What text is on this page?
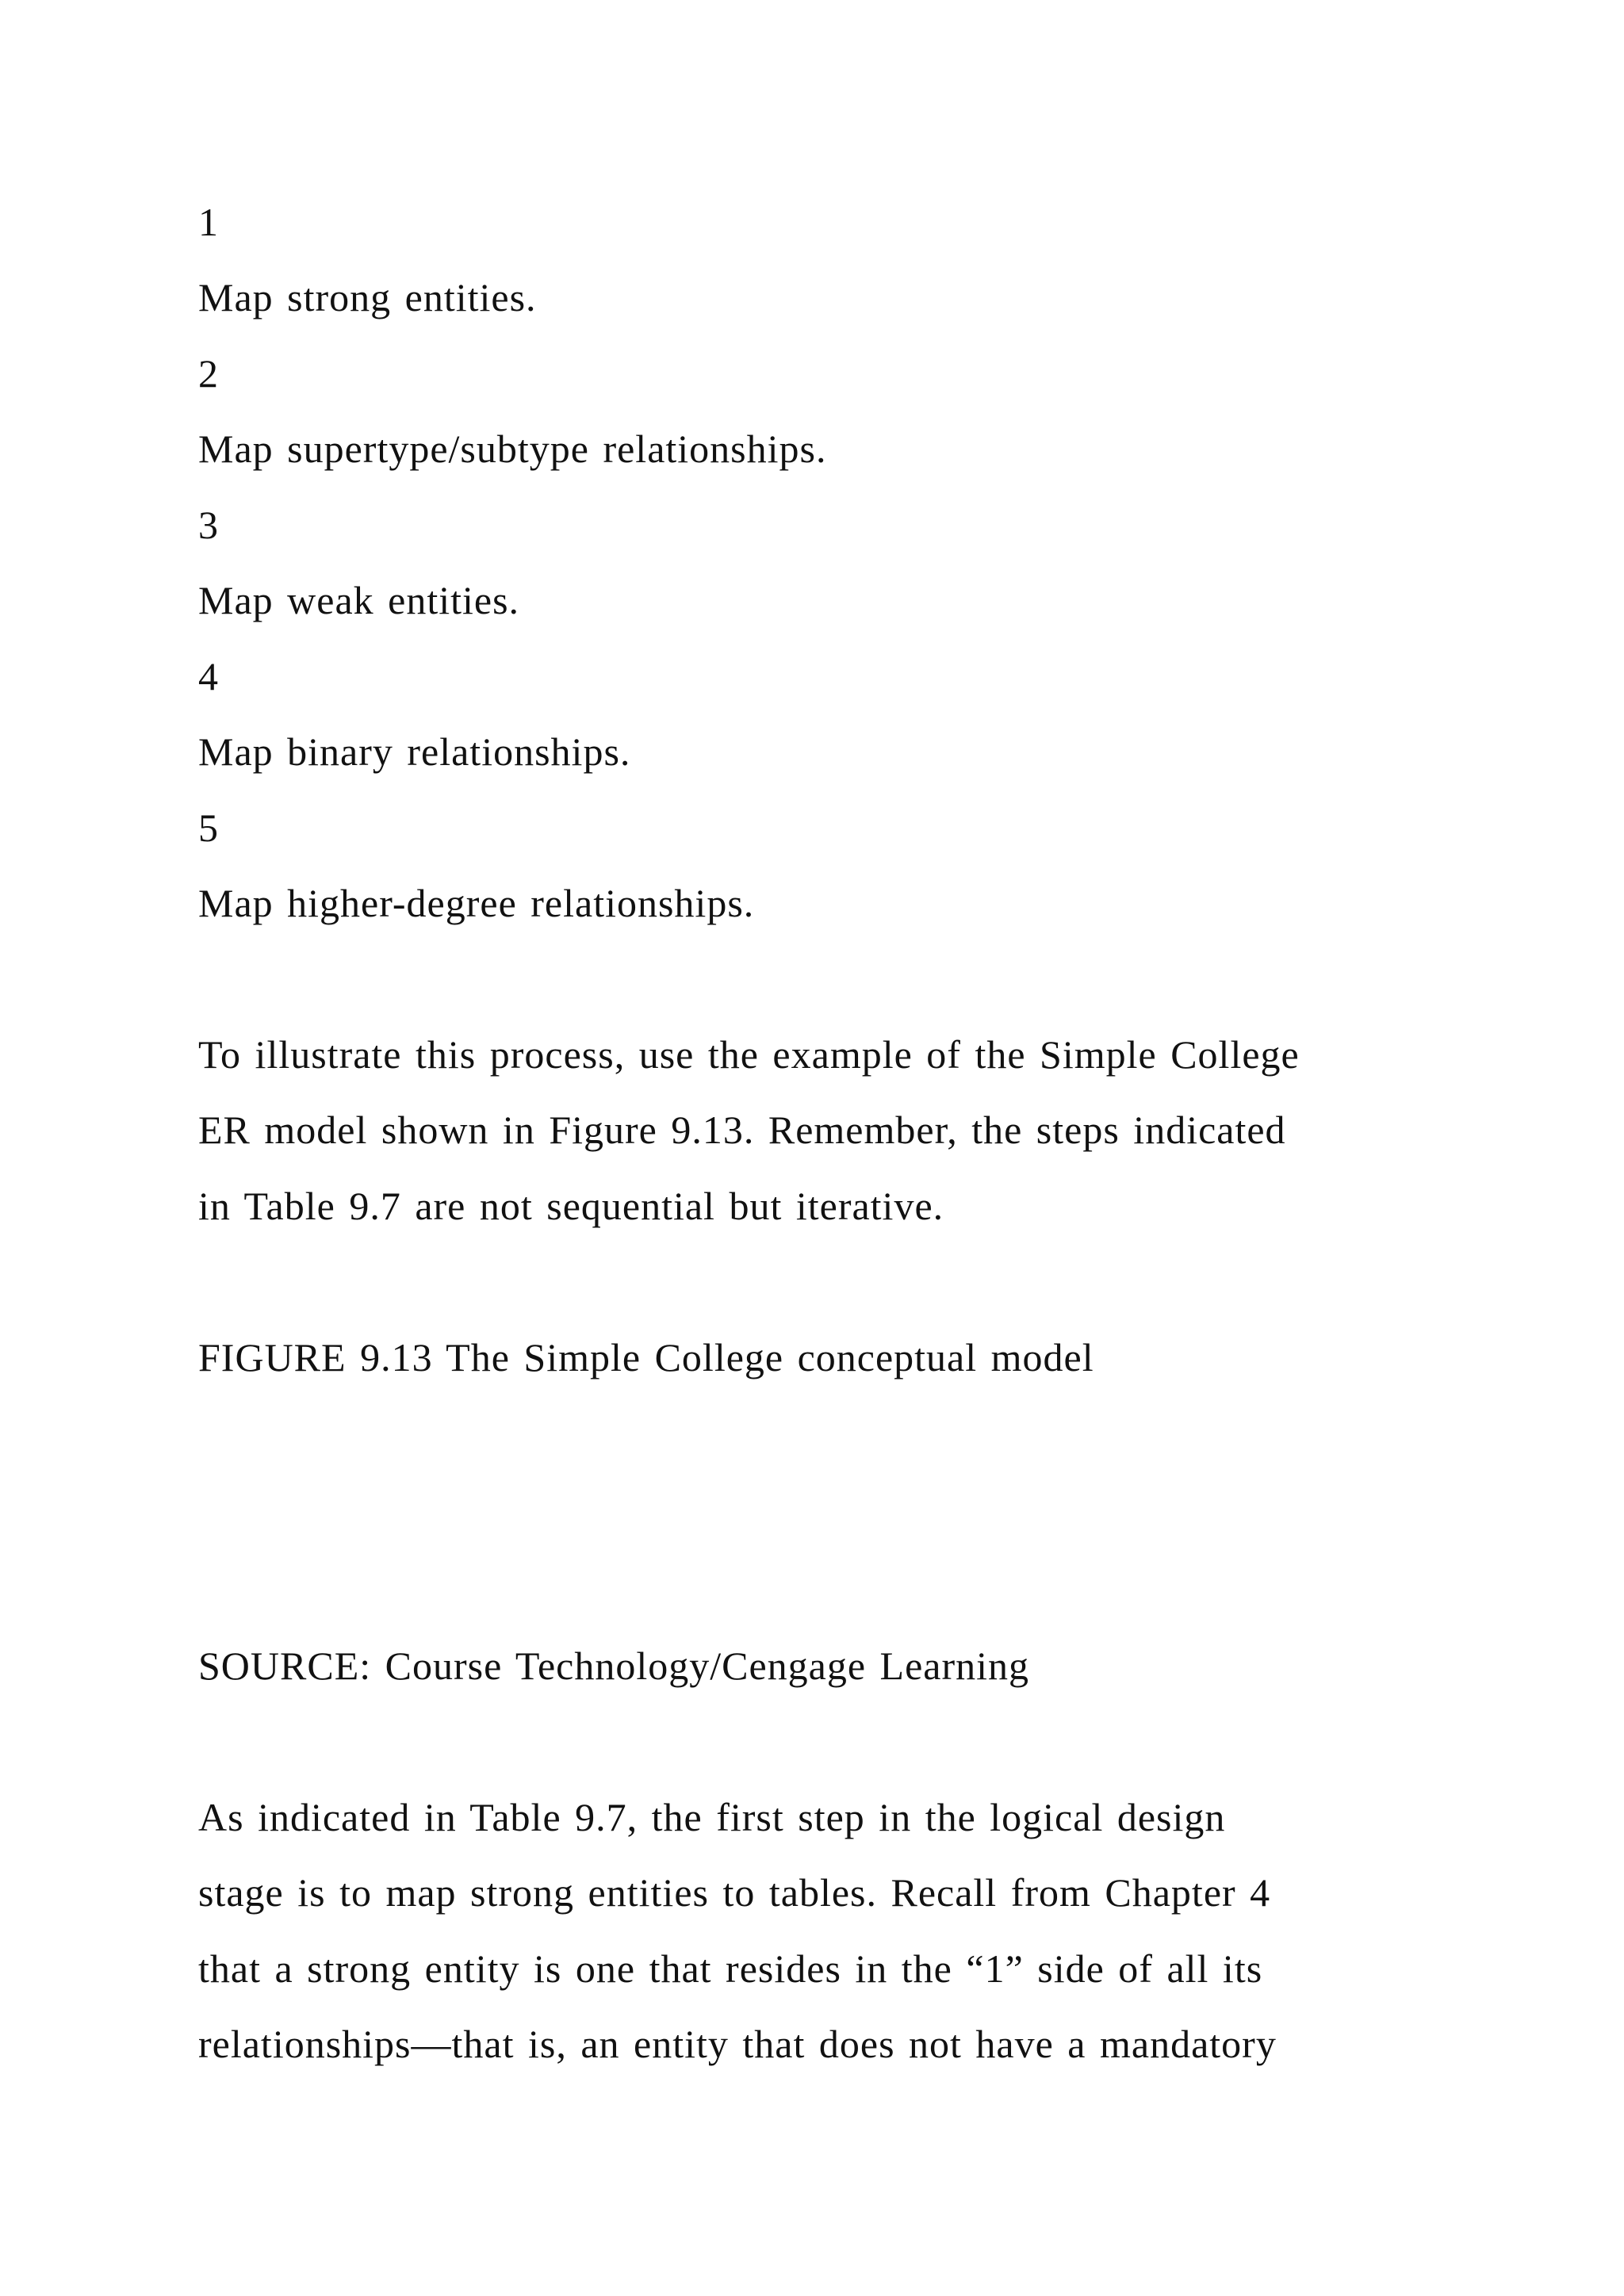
1
Map strong entities.
2
Map supertype/subtype relationships.
3
Map weak entities.
4
Map binary relationships.
5
Map higher-degree relationships.
To illustrate this process, use the example of the Simple College
ER model shown in Figure 9.13. Remember, the steps indicated
in Table 9.7 are not sequential but iterative.
FIGURE 9.13 The Simple College conceptual model
SOURCE: Course Technology/Cengage Learning
As indicated in Table 9.7, the first step in the logical design
stage is to map strong entities to tables. Recall from Chapter 4
that a strong entity is one that resides in the “1” side of all its
relationships—that is, an entity that does not have a mandatory
